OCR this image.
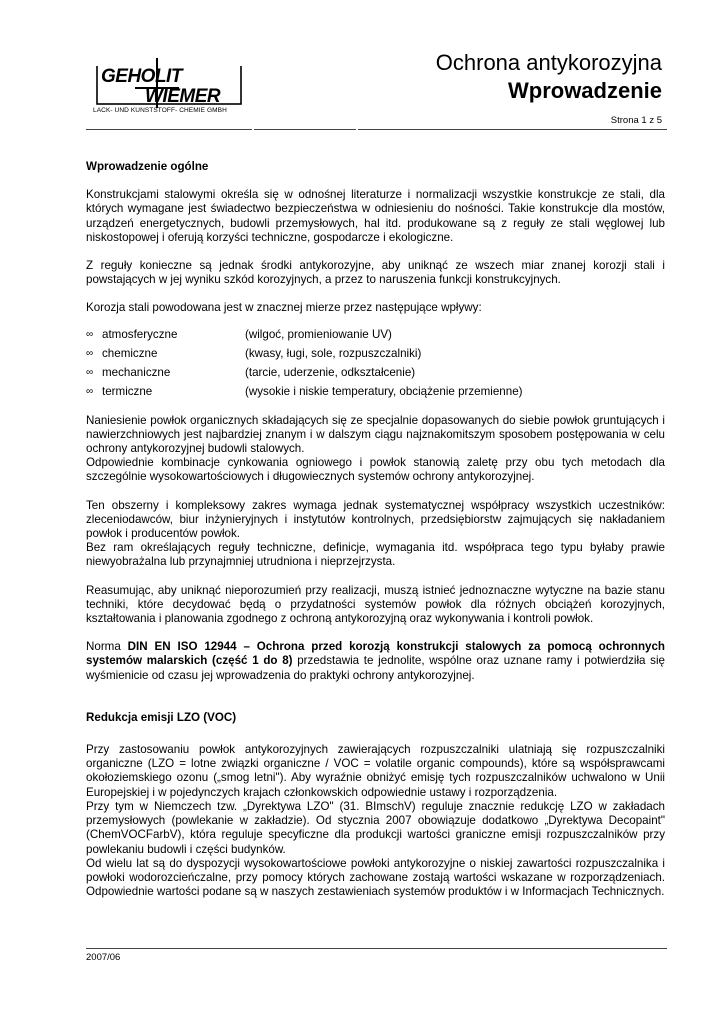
GEHOLIT
WIEMER
LACK- UND KUNSTSTOFF- CHEMIE GMBH
Ochrona antykorozyjna
Wprowadzenie
Strona 1 z 5
Wprowadzenie ogólne

Konstrukcjami stalowymi określa się w odnośnej literaturze i normalizacji wszystkie konstrukcje ze stali, dla których wymagane jest świadectwo bezpieczeństwa w odniesieniu do nośności. Takie konstrukcje dla mostów, urządzeń energetycznych, budowli przemysłowych, hal itd. produkowane są z reguły ze stali węglowej lub niskostopowej i oferują korzyści techniczne, gospodarcze i ekologiczne.

Z reguły konieczne są jednak środki antykorozyjne, aby uniknąć ze wszech miar znanej korozji stali i powstających w jej wyniku szkód korozyjnych, a przez to naruszenia funkcji konstrukcyjnych.

Korozja stali powodowana jest w znacznej mierze przez następujące wpływy:

∞ atmosferyczne	(wilgoć, promieniowanie UV)
∞ chemiczne	(kwasy, ługi, sole, rozpuszczalniki)
∞ mechaniczne	(tarcie, uderzenie, odkształcenie)
∞ termiczne	(wysokie i niskie temperatury, obciążenie przemienne)

Naniesienie powłok organicznych składających się ze specjalnie dopasowanych do siebie powłok gruntujących i nawierzchniowych jest najbardziej znanym i w dalszym ciągu najznakomitszym sposobem postępowania w celu ochrony antykorozyjnej budowli stalowych.

Odpowiednie kombinacje cynkowania ogniowego i powłok stanowią zaletę przy obu tych metodach dla szczególnie wysokowartościowych i długowiecznych systemów ochrony antykorozyjnej.

Ten obszerny i kompleksowy zakres wymaga jednak systematycznej współpracy wszystkich uczestników: zleceniodawców, biur inżynieryjnych i instytutów kontrolnych, przedsiębiorstw zajmujących się nakładaniem powłok i producentów powłok.

Bez ram określających reguły techniczne, definicje, wymagania itd. współpraca tego typu byłaby prawie niewyobrażalna lub przynajmniej utrudniona i nieprzejrzysta.

Reasumując, aby uniknąć nieporozumień przy realizacji, muszą istnieć jednoznaczne wytyczne na bazie stanu techniki, które decydować będą o przydatności systemów powłok dla różnych obciążeń korozyjnych, kształtowania i planowania zgodnego z ochroną antykorozyjną oraz wykonywania i kontroli powłok.

Norma DIN EN ISO 12944 – Ochrona przed korozją konstrukcji stalowych za pomocą ochronnych systemów malarskich (część 1 do 8) przedstawia te jednolite, wspólne oraz uznane ramy i potwierdziła się wyśmienicie od czasu jej wprowadzenia do praktyki ochrony antykorozyjnej.

Redukcja emisji LZO (VOC)

Przy zastosowaniu powłok antykorozyjnych zawierających rozpuszczalniki ulatniają się rozpuszczalniki organiczne (LZO = lotne związki organiczne / VOC = volatile organic compounds), które są współsprawcami okołoziemskiego ozonu („smog letni"). Aby wyraźnie obniżyć emisję tych rozpuszczalników uchwalono w Unii Europejskiej i w pojedynczych krajach członkowskich odpowiednie ustawy i rozporządzenia.

Przy tym w Niemczech tzw. „Dyrektywa LZO" (31. BImschV) reguluje znacznie redukcję LZO w zakładach przemysłowych (powlekanie w zakładzie). Od stycznia 2007 obowiązuje dodatkowo „Dyrektywa Decopaint" (ChemVOCFarbV), która reguluje specyficzne dla produkcji wartości graniczne emisji rozpuszczalników przy powlekaniu budowli i części budynków.

Od wielu lat są do dyspozycji wysokowartościowe powłoki antykorozyjne o niskiej zawartości rozpuszczalnika i powłoki wodorozcieńczalne, przy pomocy których zachowane zostają wartości wskazane w rozporządzeniach. Odpowiednie wartości podane są w naszych zestawieniach systemów produktów i w Informacjach Technicznych.

2007/06
